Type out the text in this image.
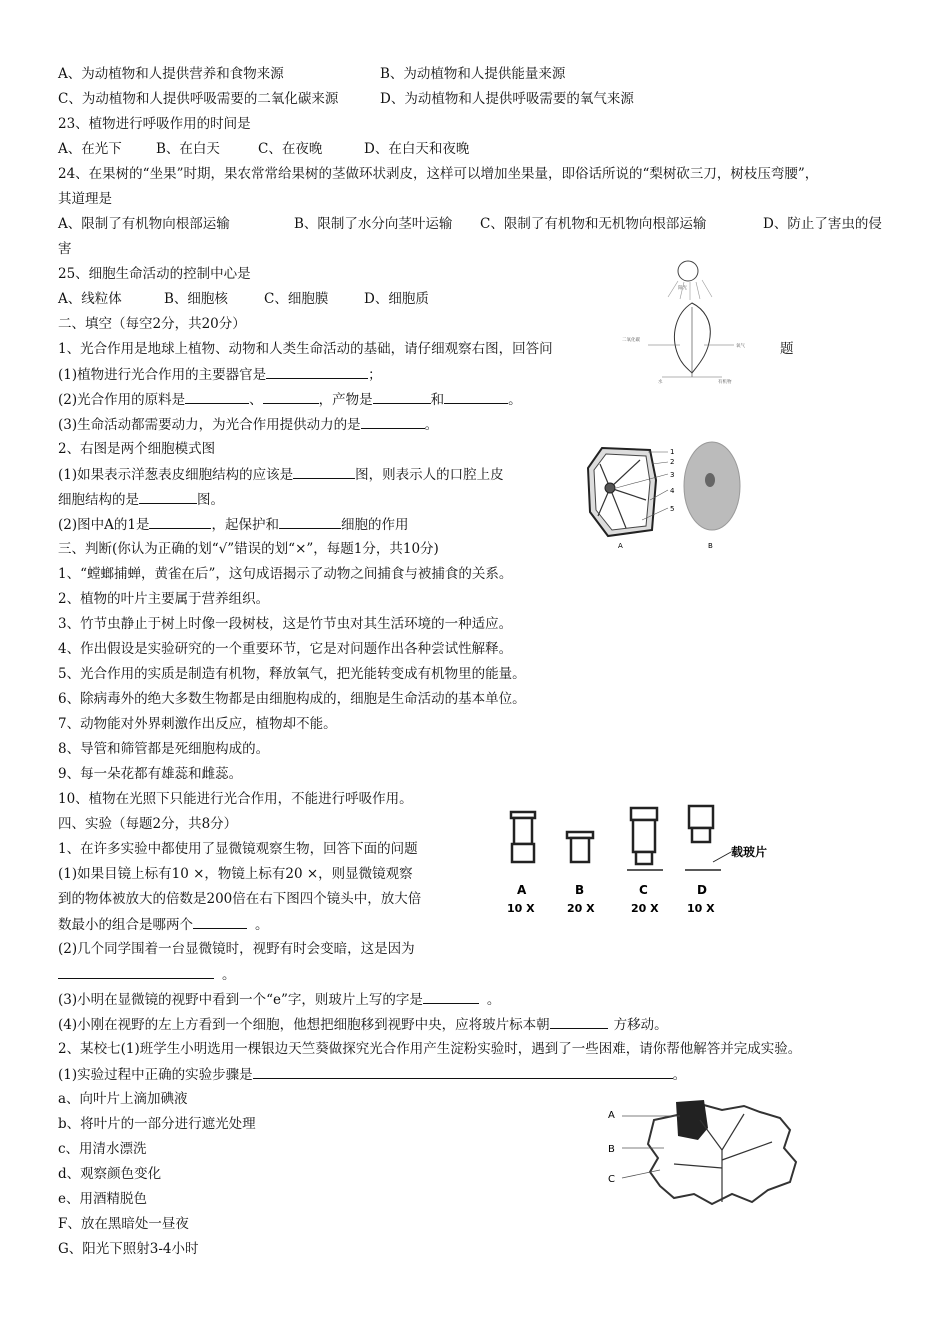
A、为动植物和人提供营养和食物来源	B、为动植物和人提供能量来源
C、为动植物和人提供呼吸需要的二氧化碳来源	D、为动植物和人提供呼吸需要的氧气来源
23、植物进行呼吸作用的时间是
A、在光下	B、在白天	C、在夜晚	D、在白天和夜晚
24、在果树的“坐果”时期，果农常常给果树的茎做环状剥皮，这样可以增加坐果量，即俗话所说的“梨树砍三刀，树枝压弯腰”，
其道理是
A、限制了有机物向根部运输	B、限制了水分向茎叶运输 C、限制了有机物和无机物向根部运输	D、防止了害虫的侵
害
25、细胞生命活动的控制中心是
A、线粒体	B、细胞核	C、细胞膜	D、细胞质
二、填空（每空2分，共20分）
1、光合作用是地球上植物、动物和人类生命活动的基础，请仔细观察右图，回答问	题
(1)植物进行光合作用的主要器官是	；
(2)光合作用的原料是	、	，产物是	和	。
(3)生命活动都需要动力，为光合作用提供动力的是	。
2、右图是两个细胞模式图
(1)如果表示洋葱表皮细胞结构的应该是	图，则表示人的口腔上皮
细胞结构的是	图。
(2)图中A的1是	，起保护和	细胞的作用
三、判断(你认为正确的划“√”错误的划“×”，每题1分，共10分)
1、“螳螂捕蝉，黄雀在后”，这句成语揭示了动物之间捕食与被捕食的关系。
2、植物的叶片主要属于营养组织。
3、竹节虫静止于树上时像一段树枝，这是竹节虫对其生活环境的一种适应。
4、作出假设是实验研究的一个重要环节，它是对问题作出各种尝试性解释。
5、光合作用的实质是制造有机物，释放氧气，把光能转变成有机物里的能量。
6、除病毒外的绝大多数生物都是由细胞构成的，细胞是生命活动的基本单位。
7、动物能对外界刺激作出反应，植物却不能。
8、导管和筛管都是死细胞构成的。
9、每一朵花都有雄蕊和雌蕊。
10、植物在光照下只能进行光合作用，不能进行呼吸作用。
四、实验（每题2分，共8分）
1、在许多实验中都使用了显微镜观察生物，回答下面的问题
(1)如果目镜上标有10 ×，物镜上标有20 ×，则显微镜观察
到的物体被放大的倍数是200倍在右下图四个镜头中，放大倍
数最小的组合是哪两个	。
(2)几个同学围着一台显微镜时，视野有时会变暗，这是因为
。
(3)小明在显微镜的视野中看到一个“e”字，则玻片上写的字是	。
(4)小刚在视野的左上方看到一个细胞，他想把细胞移到视野中央，应将玻片标本朝	方移动。
2、某校七(1)班学生小明选用一棵银边天竺葵做探究光合作用产生淀粉实验时，遇到了一些困难，请你帮他解答并完成实验。
(1)实验过程中正确的实验步骤是	。
a、向叶片上滴加碘液
b、将叶片的一部分进行遮光处理
c、用清水漂洗
d、观察颜色变化
e、用酒精脱色
F、放在黑暗处一昼夜
G、阳光下照射3-4小时
阳光
二氧化碳
氧气
水	有机物
1
2
3
4
5
A	B
载玻片
A	B	C	D
10 X	20 X	20 X	10 X
A
B
C
